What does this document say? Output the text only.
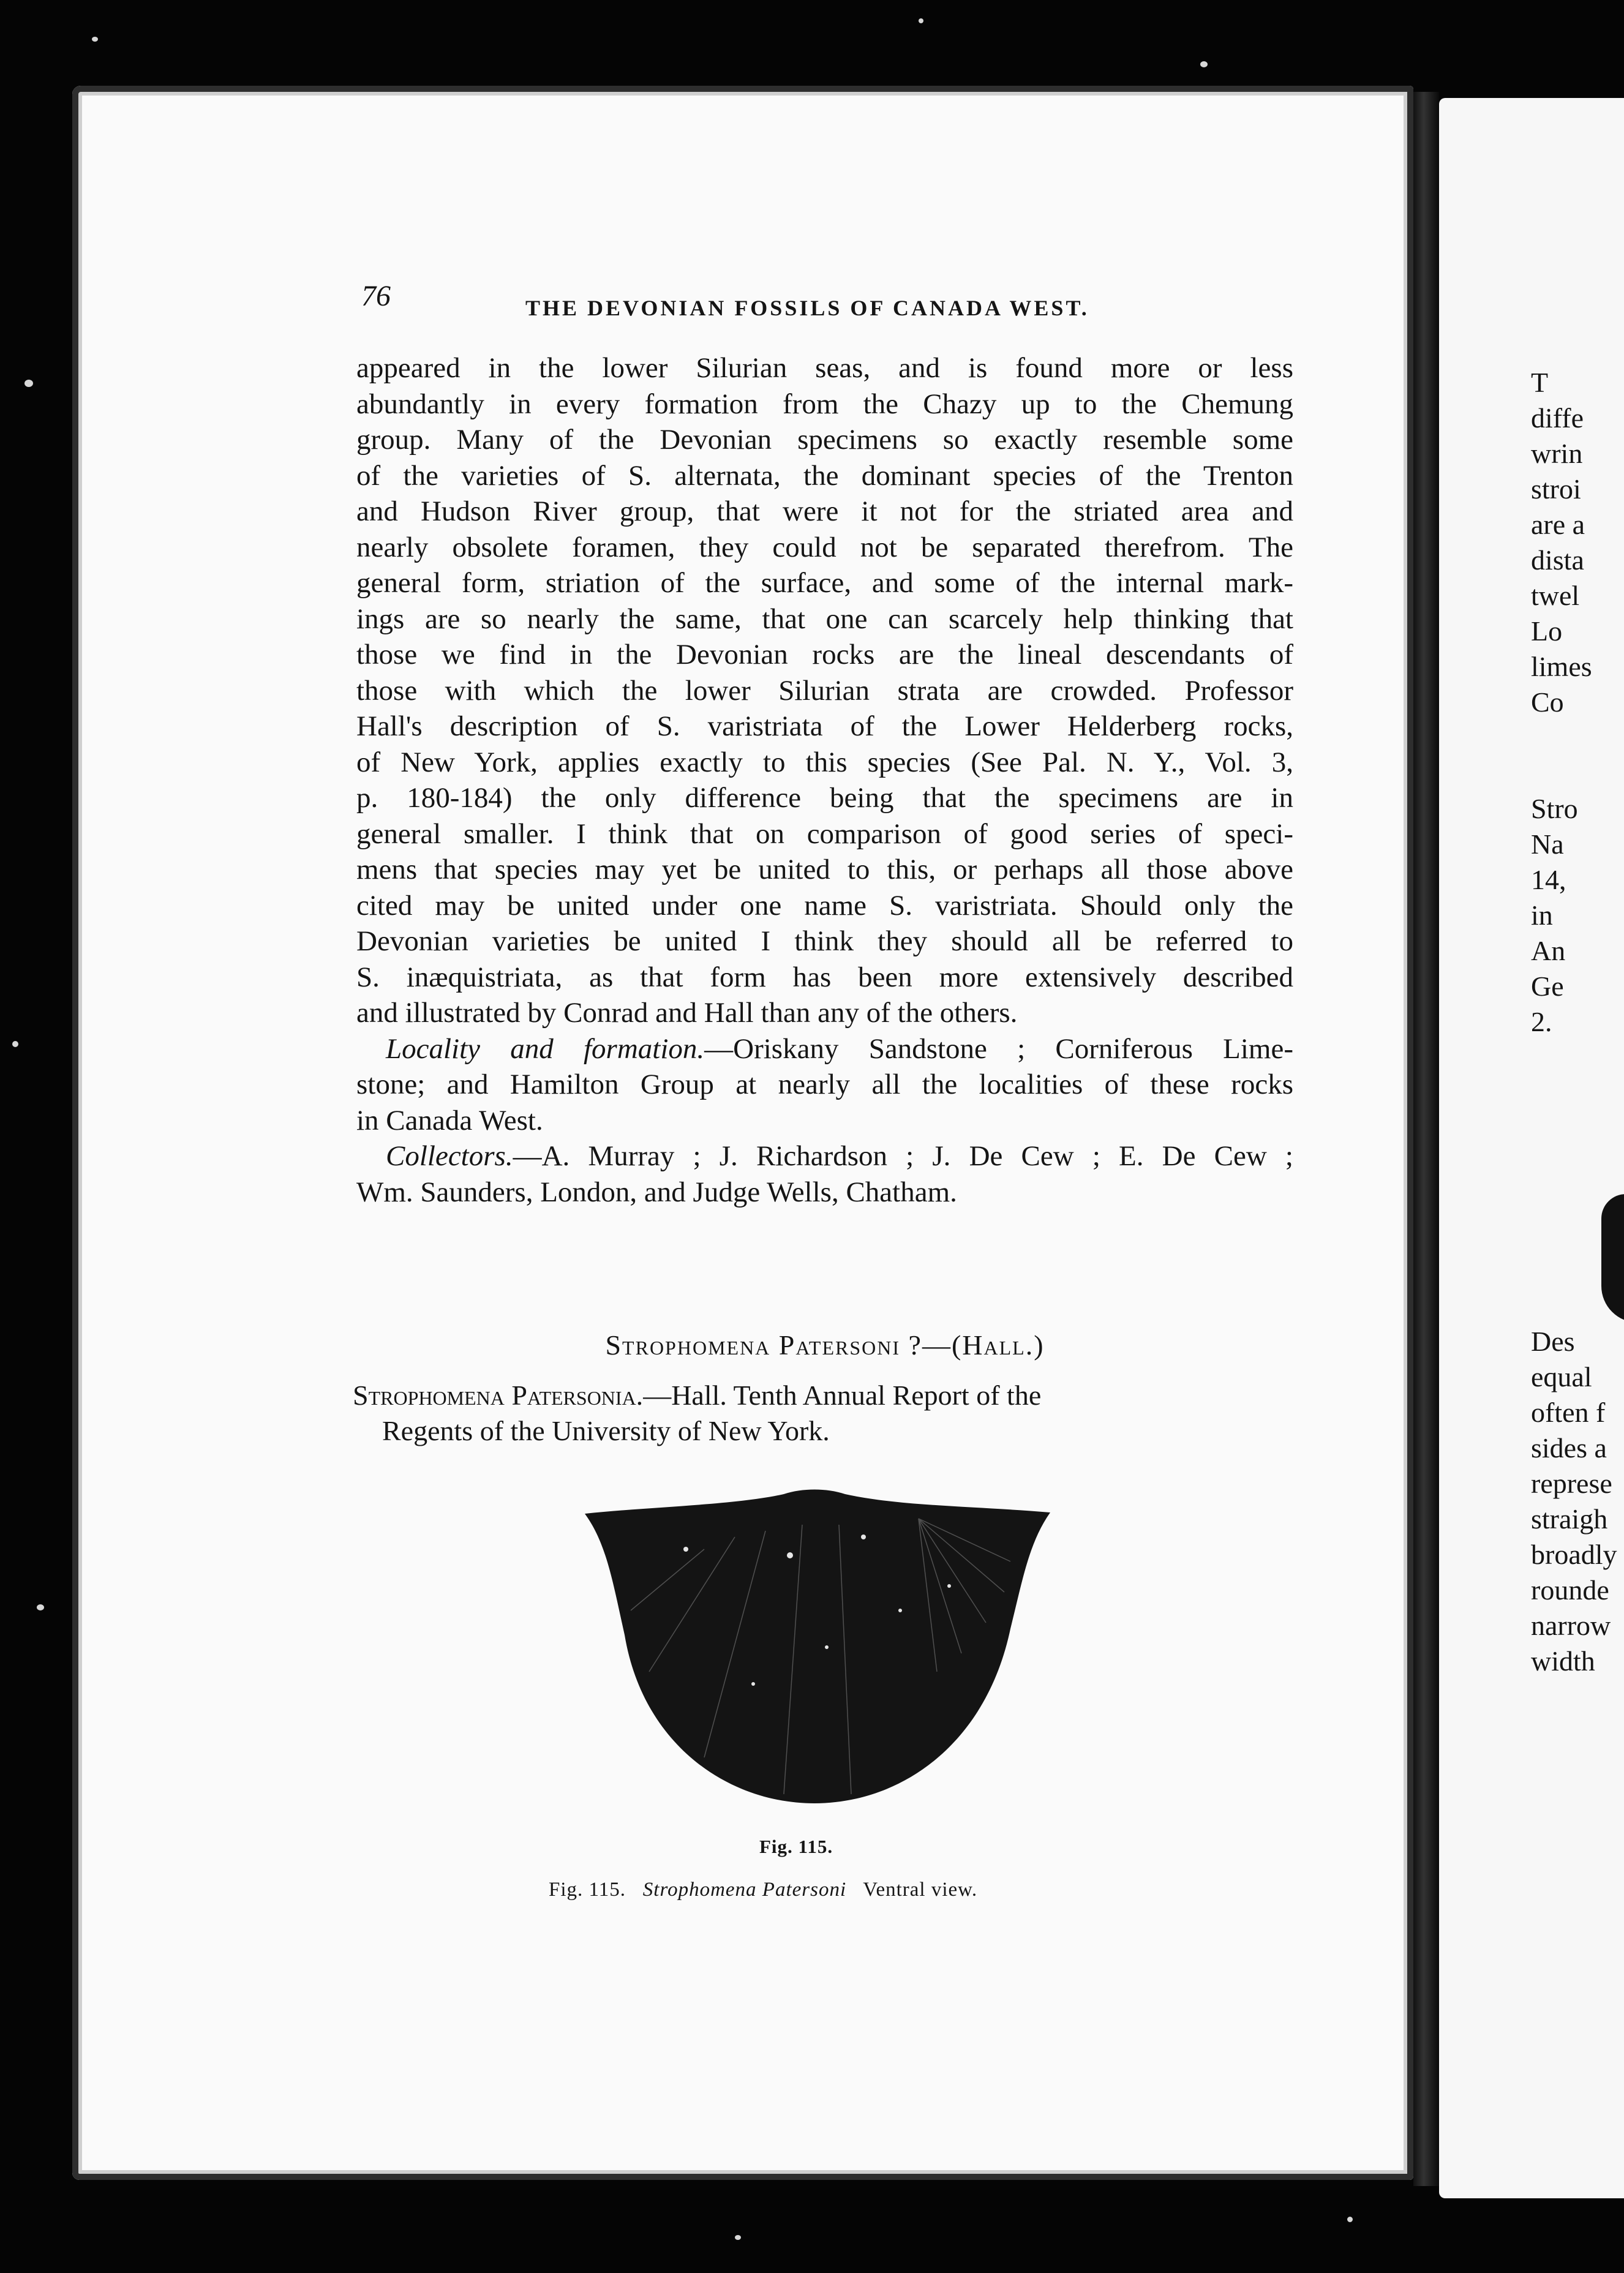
76	THE DEVONIAN FOSSILS OF CANADA WEST.

appeared in the lower Silurian seas, and is found more or less
abundantly in every formation from the Chazy up to the Chemung
group. Many of the Devonian specimens so exactly resemble some
of the varieties of S. alternata, the dominant species of the Trenton
and Hudson River group, that were it not for the striated area and
nearly obsolete foramen, they could not be separated therefrom. The
general form, striation of the surface, and some of the internal mark-
ings are so nearly the same, that one can scarcely help thinking that
those we find in the Devonian rocks are the lineal descendants of
those with which the lower Silurian strata are crowded. Professor
Hall's description of S. varistriata of the Lower Helderberg rocks,
of New York, applies exactly to this species (See Pal. N. Y., Vol. 3,
p. 180-184) the only difference being that the specimens are in
general smaller. I think that on comparison of good series of speci-
mens that species may yet be united to this, or perhaps all those above
cited may be united under one name S. varistriata. Should only the
Devonian varieties be united I think they should all be referred to
S. inæquistriata, as that form has been more extensively described
and illustrated by Conrad and Hall than any of the others.

Locality and formation.—Oriskany Sandstone ; Corniferous Lime-
stone; and Hamilton Group at nearly all the localities of these rocks
in Canada West.

Collectors.—A. Murray ; J. Richardson ; J. De Cew ; E. De Cew ;
Wm. Saunders, London, and Judge Wells, Chatham.

Strophomena Patersoni ?—(Hall.)
Strophomena Patersonia.—Hall. Tenth Annual Report of the
Regents of the University of New York.
Fig. 115.
Fig. 115. Strophomena Patersoni Ventral view.
T
diffe
wrin
stroi
are a
dista
twel
Lo
limes
Co

Stro
Na
14,
in
An
Ge
2.

Des
equal
often f
sides a
represe
straigh
broadly
rounde
narrow
width
